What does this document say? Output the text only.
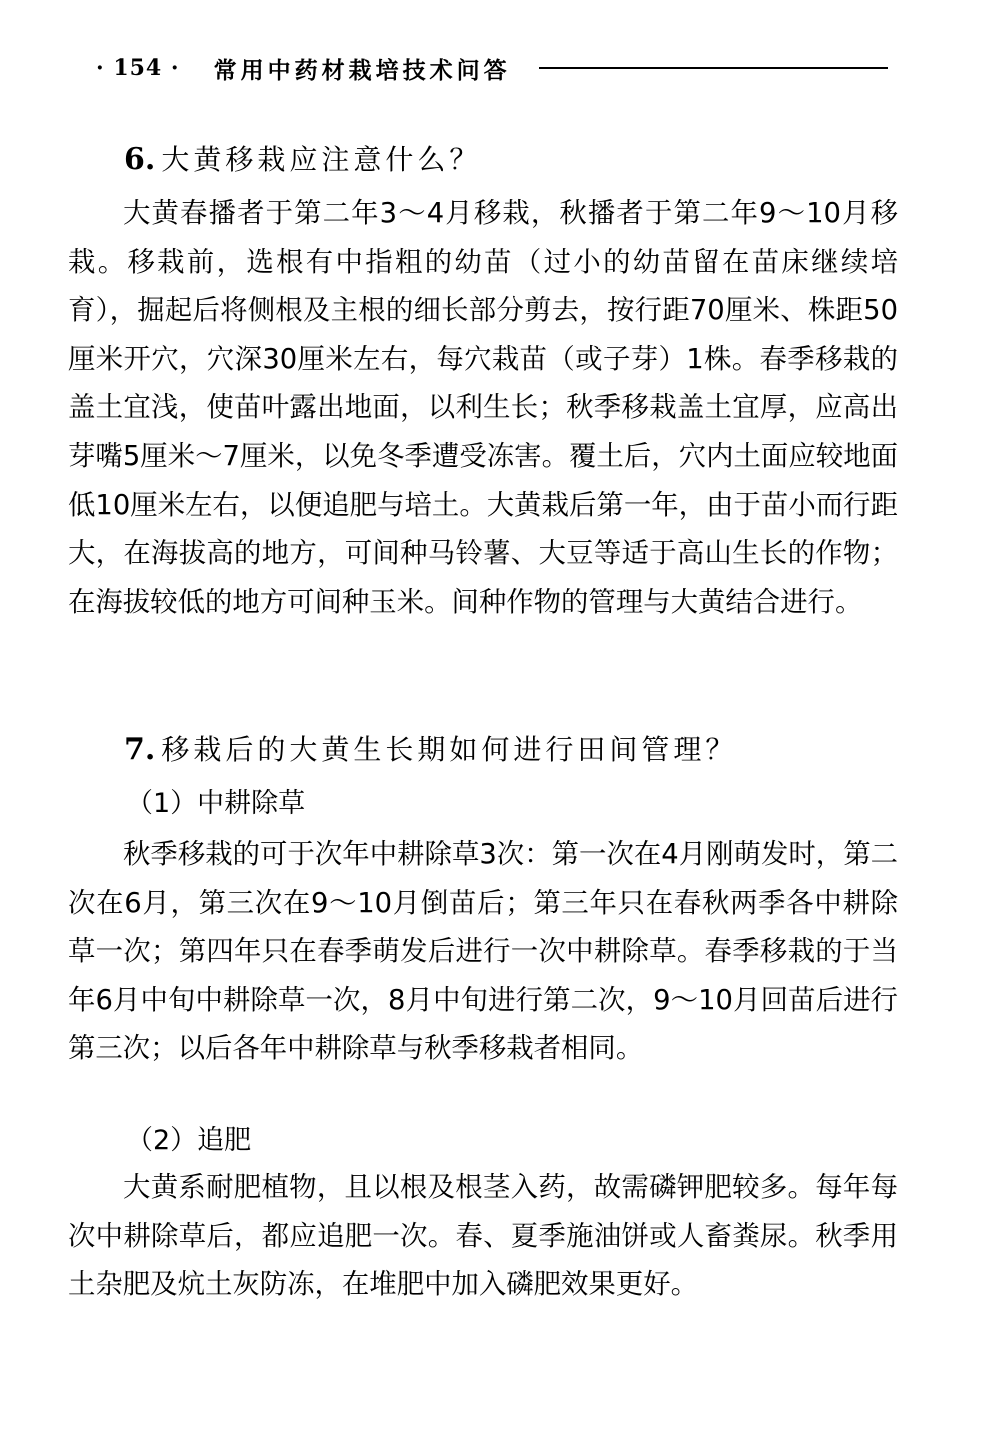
· 154 · 常用中药材栽培技术问答
6. 大黄移栽应注意什么？

大黄春播者于第二年3～4月移栽，秋播者于第二年9～10月移栽。移栽前，选根有中指粗的幼苗（过小的幼苗留在苗床继续培育），掘起后将侧根及主根的细长部分剪去，按行距70厘米、株距50厘米开穴，穴深30厘米左右，每穴栽苗（或子芽）1株。春季移栽的盖土宜浅，使苗叶露出地面，以利生长；秋季移栽盖土宜厚，应高出芽嘴5厘米～7厘米，以免冬季遭受冻害。覆土后，穴内土面应较地面低10厘米左右，以便追肥与培土。大黄栽后第一年，由于苗小而行距大，在海拔高的地方，可间种马铃薯、大豆等适于高山生长的作物；在海拔较低的地方可间种玉米。间种作物的管理与大黄结合进行。

7. 移栽后的大黄生长期如何进行田间管理？
（1）中耕除草

秋季移栽的可于次年中耕除草3次：第一次在4月刚萌发时，第二次在6月，第三次在9～10月倒苗后；第三年只在春秋两季各中耕除草一次；第四年只在春季萌发后进行一次中耕除草。春季移栽的于当年6月中旬中耕除草一次，8月中旬进行第二次，9～10月回苗后进行第三次；以后各年中耕除草与秋季移栽者相同。

（2）追肥

大黄系耐肥植物，且以根及根茎入药，故需磷钾肥较多。每年每次中耕除草后，都应追肥一次。春、夏季施油饼或人畜粪尿。秋季用土杂肥及炕土灰防冻，在堆肥中加入磷肥效果更好。
